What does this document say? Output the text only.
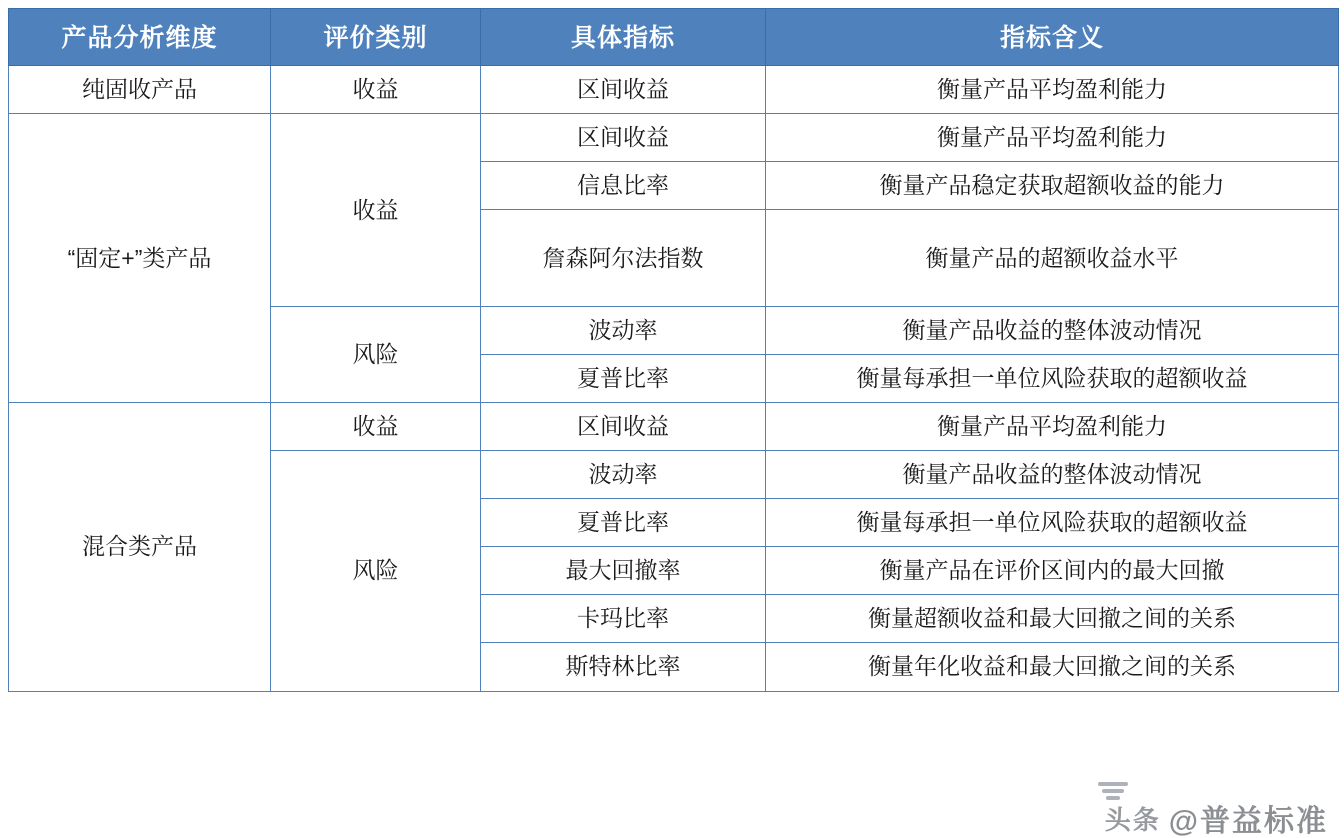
产品分析维度	评价类别	具体指标	指标含义
纯固收产品	收益	区间收益	衡量产品平均盈利能力
“固定+”类产品	收益	区间收益	衡量产品平均盈利能力
		信息比率	衡量产品稳定获取超额收益的能力
		詹森阿尔法指数	衡量产品的超额收益水平
	风险	波动率	衡量产品收益的整体波动情况
		夏普比率	衡量每承担一单位风险获取的超额收益
混合类产品	收益	区间收益	衡量产品平均盈利能力
	风险	波动率	衡量产品收益的整体波动情况
		夏普比率	衡量每承担一单位风险获取的超额收益
		最大回撤率	衡量产品在评价区间内的最大回撤
		卡玛比率	衡量超额收益和最大回撤之间的关系
		斯特林比率	衡量年化收益和最大回撤之间的关系
头条 @普益标准
